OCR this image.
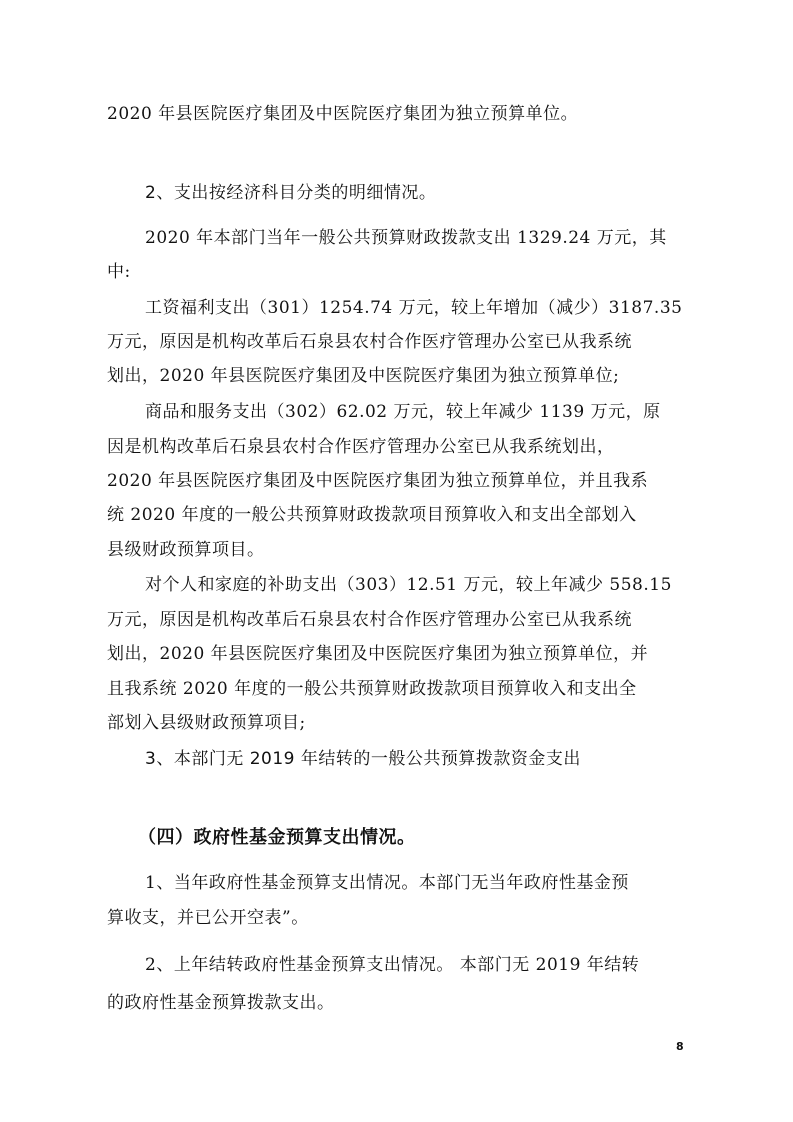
2020 年县医院医疗集团及中医院医疗集团为独立预算单位。
2、支出按经济科目分类的明细情况。
2020 年本部门当年一般公共预算财政拨款支出 1329.24 万元，其
中:
工资福利支出（301）1254.74 万元，较上年增加（减少）3187.35
万元，原因是机构改革后石泉县农村合作医疗管理办公室已从我系统
划出，2020 年县医院医疗集团及中医院医疗集团为独立预算单位;
商品和服务支出（302）62.02 万元，较上年减少 1139 万元，原
因是机构改革后石泉县农村合作医疗管理办公室已从我系统划出，
2020 年县医院医疗集团及中医院医疗集团为独立预算单位，并且我系
统 2020 年度的一般公共预算财政拨款项目预算收入和支出全部划入
县级财政预算项目。
对个人和家庭的补助支出（303）12.51 万元，较上年减少 558.15
万元，原因是机构改革后石泉县农村合作医疗管理办公室已从我系统
划出，2020 年县医院医疗集团及中医院医疗集团为独立预算单位，并
且我系统 2020 年度的一般公共预算财政拨款项目预算收入和支出全
部划入县级财政预算项目;
3、本部门无 2019 年结转的一般公共预算拨款资金支出
（四）政府性基金预算支出情况。
1、当年政府性基金预算支出情况。本部门无当年政府性基金预
算收支，并已公开空表”。
2、上年结转政府性基金预算支出情况。 本部门无 2019 年结转
的政府性基金预算拨款支出。
8
